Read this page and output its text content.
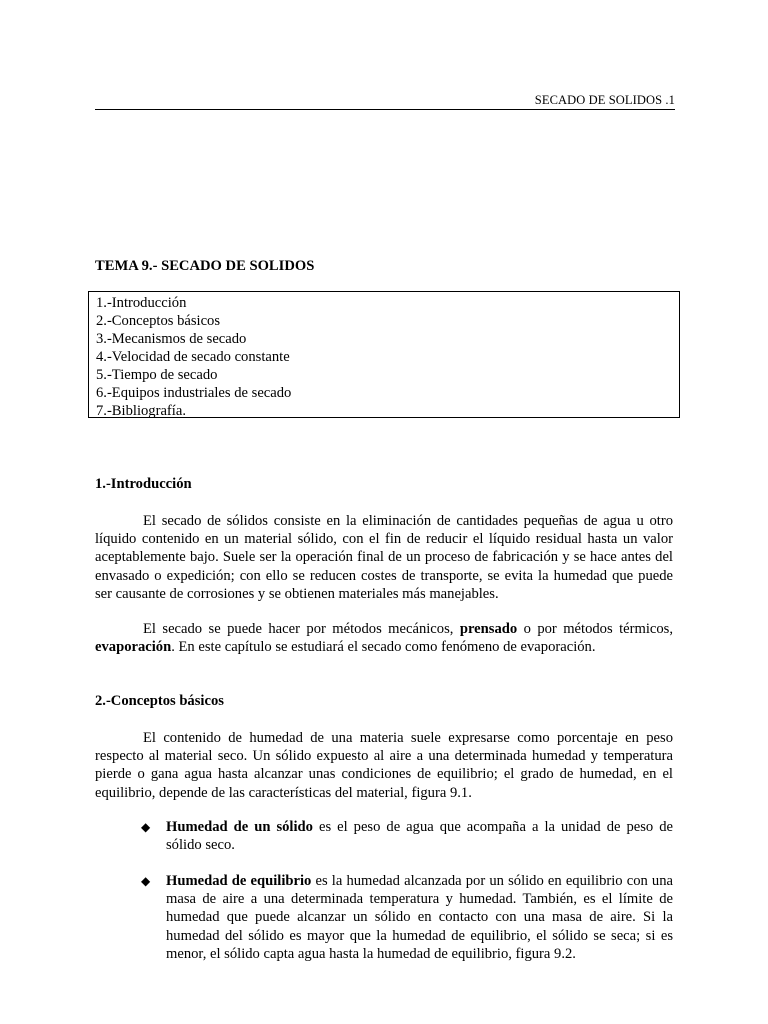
SECADO DE SOLIDOS .1
TEMA 9.- SECADO DE SOLIDOS
1.-Introducción
2.-Conceptos básicos
3.-Mecanismos de secado
4.-Velocidad de secado constante
5.-Tiempo de secado
6.-Equipos industriales de secado
7.-Bibliografía.
1.-Introducción

El secado de sólidos consiste en la eliminación de cantidades pequeñas de agua u otro líquido contenido en un material sólido, con el fin de reducir el líquido residual hasta un valor aceptablemente bajo. Suele ser la operación final de un proceso de fabricación y se hace antes del envasado o expedición; con ello se reducen costes de transporte, se evita la humedad que puede ser causante de corrosiones y se obtienen materiales más manejables.

El secado se puede hacer por métodos mecánicos, prensado o por métodos térmicos, evaporación. En este capítulo se estudiará el secado como fenómeno de evaporación.

2.-Conceptos básicos

El contenido de humedad de una materia suele expresarse como porcentaje en peso respecto al material seco. Un sólido expuesto al aire a una determinada humedad y temperatura pierde o gana agua hasta alcanzar unas condiciones de equilibrio; el grado de humedad, en el equilibrio, depende de las características del material, figura 9.1.

◆ Humedad de un sólido es el peso de agua que acompaña a la unidad de peso de sólido seco.
◆ Humedad de equilibrio es la humedad alcanzada por un sólido en equilibrio con una masa de aire a una determinada temperatura y humedad. También, es el límite de humedad que puede alcanzar un sólido en contacto con una masa de aire. Si la humedad del sólido es mayor que la humedad de equilibrio, el sólido se seca; si es menor, el sólido capta agua hasta la humedad de equilibrio, figura 9.2.
